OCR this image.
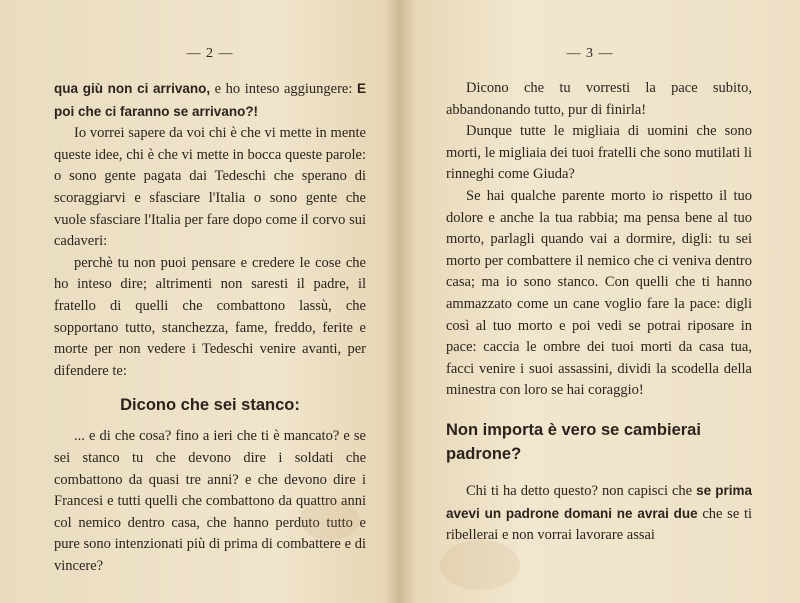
— 2 —

qua giù non ci arrivano, e ho inteso aggiungere: E poi che ci faranno se arrivano?!

Io vorrei sapere da voi chi è che vi mette in mente queste idee, chi è che vi mette in bocca queste parole: o sono gente pagata dai Tedeschi che sperano di scoraggiarvi e sfasciare l'Italia o sono gente che vuole sfasciare l'Italia per fare dopo come il corvo sui cadaveri:

perchè tu non puoi pensare e credere le cose che ho inteso dire; altrimenti non saresti il padre, il fratello di quelli che combattono lassù, che sopportano tutto, stanchezza, fame, freddo, ferite e morte per non vedere i Tedeschi venire avanti, per difendere te:

Dicono che sei stanco:

... e di che cosa? fino a ieri che ti è mancato? e se sei stanco tu che devono dire i soldati che combattono da quasi tre anni? e che devono dire i Francesi e tutti quelli che combattono da quattro anni col nemico dentro casa, che hanno perduto tutto e pure sono intenzionati più di prima di combattere e di vincere?

— 3 —

Dicono che tu vorresti la pace subito, abbandonando tutto, pur di finirla!

Dunque tutte le migliaia di uomini che sono morti, le migliaia dei tuoi fratelli che sono mutilati li rinneghi come Giuda?

Se hai qualche parente morto io rispetto il tuo dolore e anche la tua rabbia; ma pensa bene al tuo morto, parlagli quando vai a dormire, digli: tu sei morto per combattere il nemico che ci veniva dentro casa; ma io sono stanco. Con quelli che ti hanno ammazzato come un cane voglio fare la pace: digli così al tuo morto e poi vedi se potrai riposare in pace: caccia le ombre dei tuoi morti da casa tua, facci venire i suoi assassini, dividi la scodella della minestra con loro se hai coraggio!

Non importa è vero se cambierai padrone?

Chi ti ha detto questo? non capisci che se prima avevi un padrone domani ne avrai due che se ti ribellerai e non vorrai lavorare assai
